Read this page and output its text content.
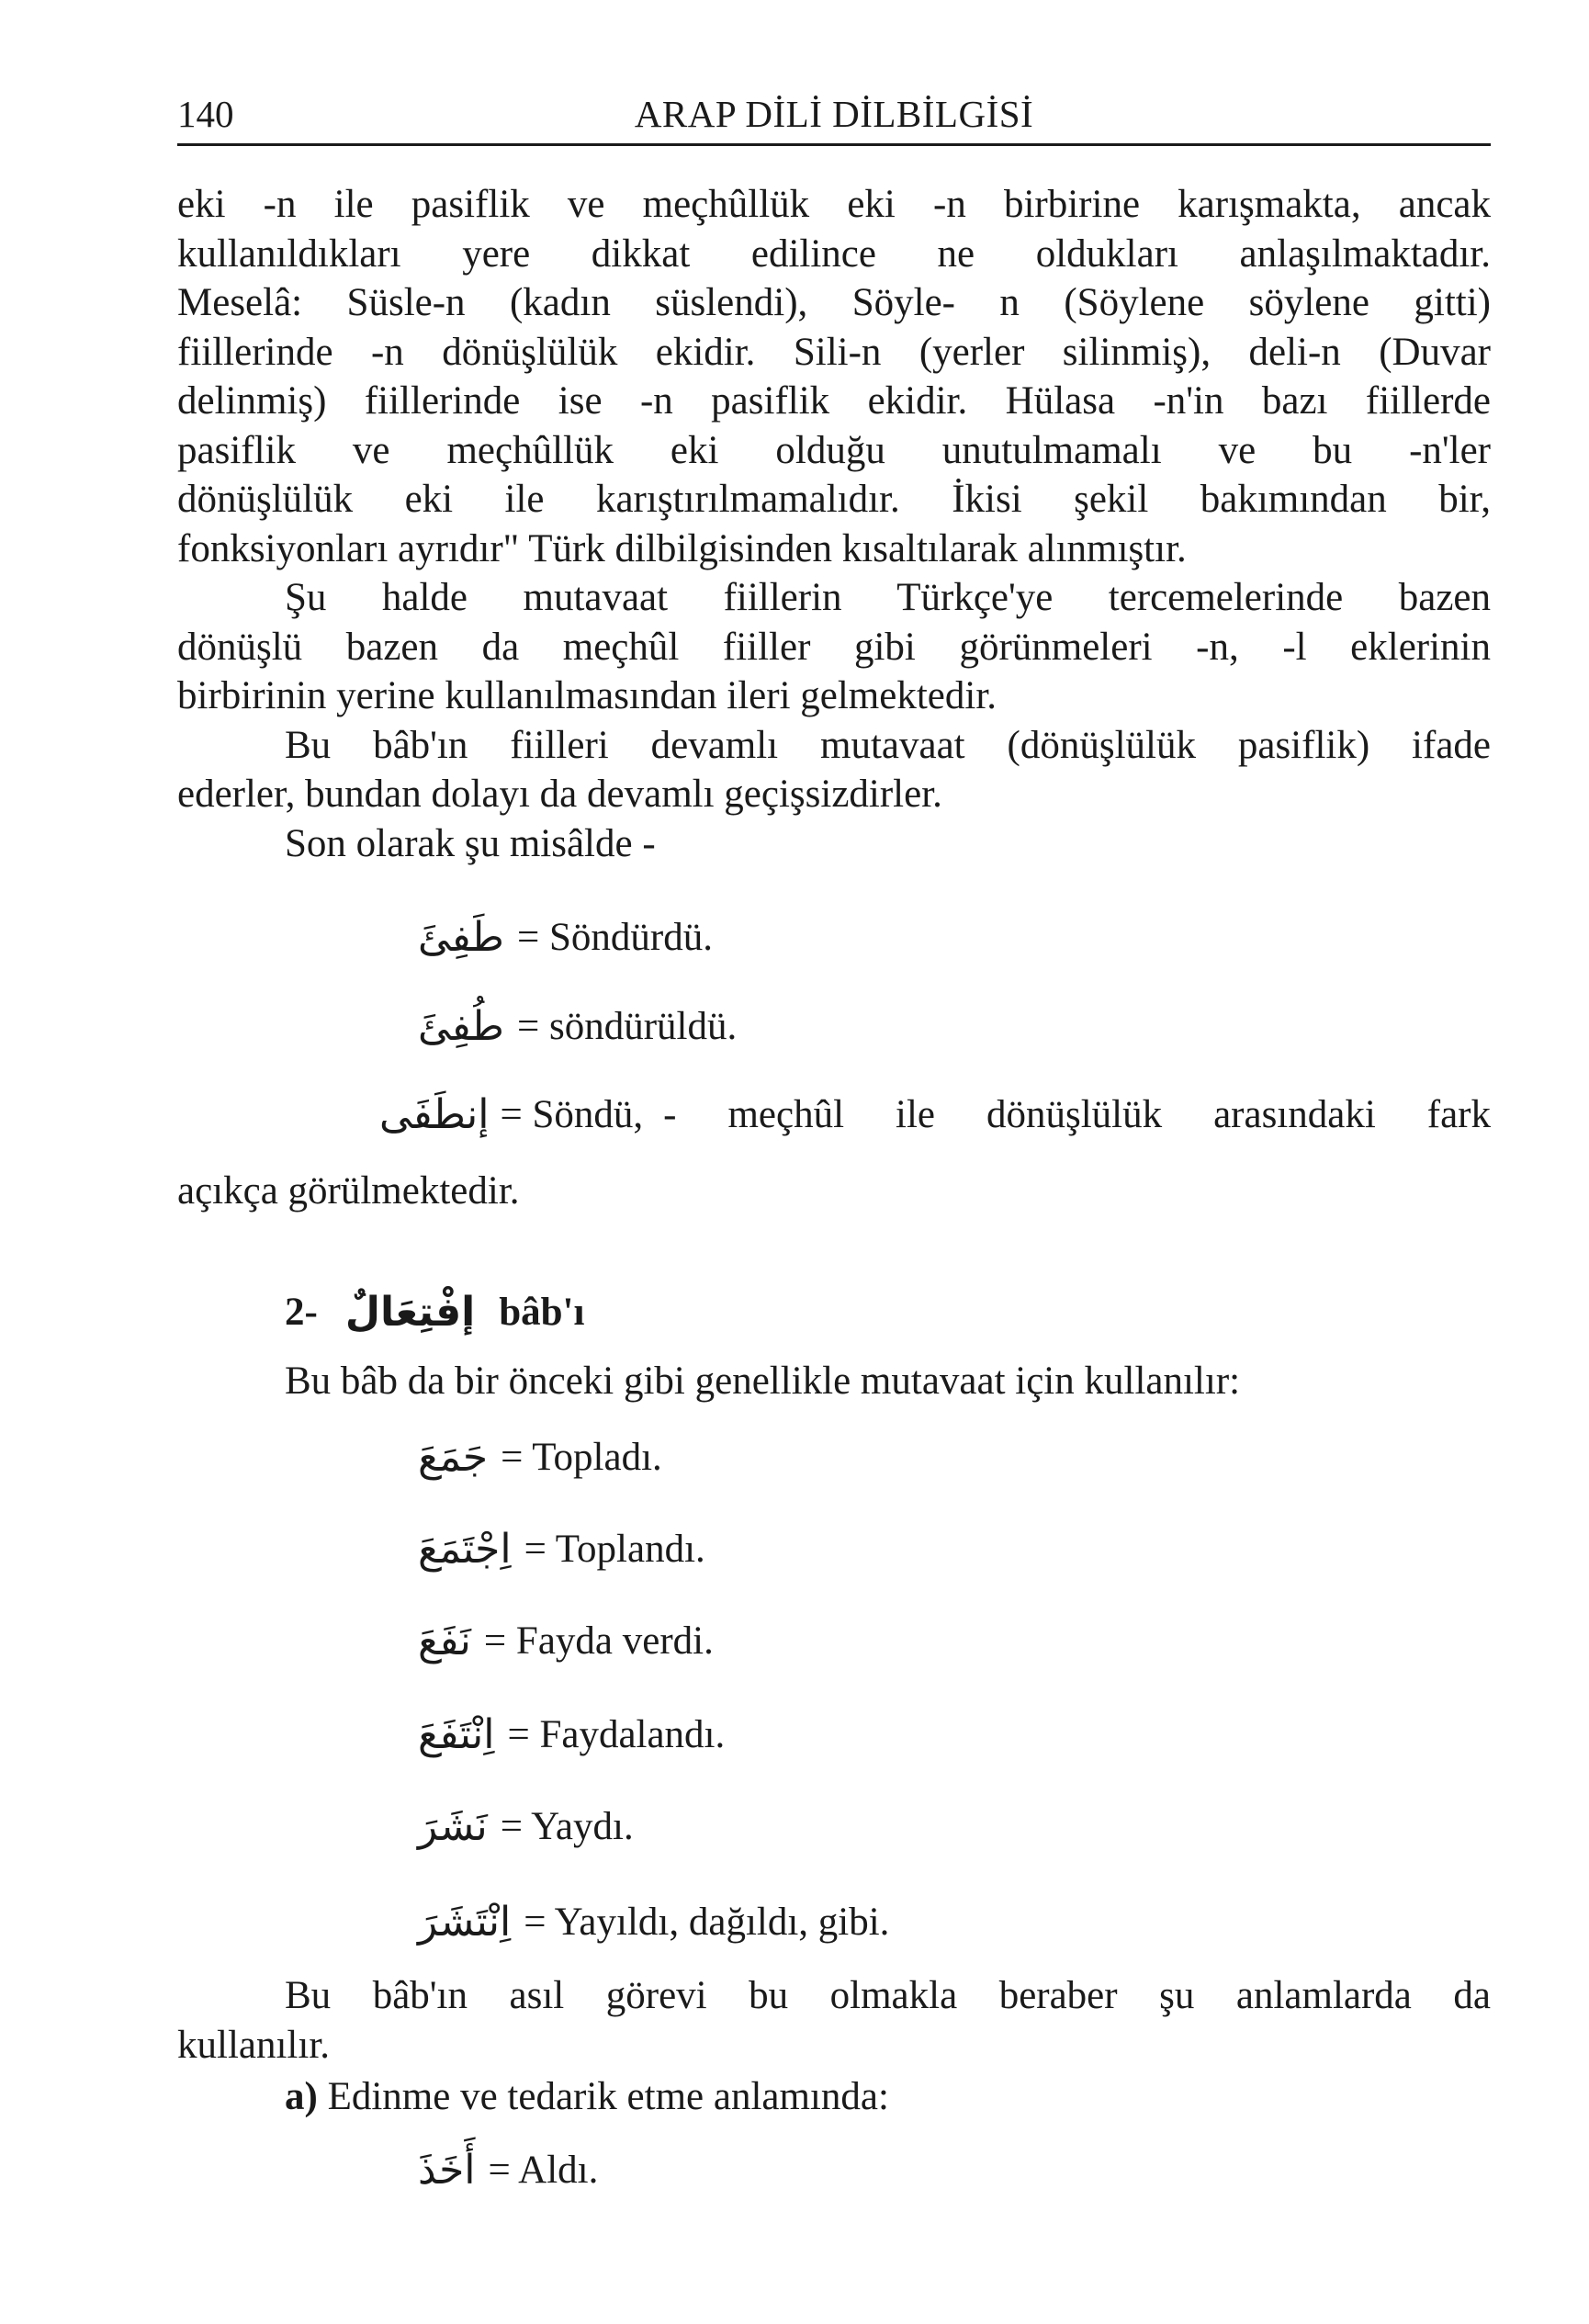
140	ARAP DİLİ DİLBİLGİSİ

eki -n ile pasiflik ve meçhûllük eki -n birbirine karışmakta, ancak

kullanıldıkları yere dikkat edilince ne oldukları anlaşılmaktadır.

Meselâ: Süsle-n (kadın süslendi), Söyle- n (Söylene söylene gitti)

fiillerinde -n dönüşlülük ekidir. Sili-n (yerler silinmiş), deli-n (Duvar

delinmiş) fiillerinde ise -n pasiflik ekidir. Hülasa -n'in bazı fiillerde

pasiflik ve meçhûllük eki olduğu unutulmamalı ve bu -n'ler

dönüşlülük eki ile karıştırılmamalıdır. İkisi şekil bakımından bir,

fonksiyonları ayrıdır" Türk dilbilgisinden kısaltılarak alınmıştır.

Şu halde mutavaat fiillerin Türkçe'ye tercemelerinde bazen

dönüşlü bazen da meçhûl fiiller gibi görünmeleri -n, -l eklerinin

birbirinin yerine kullanılmasından ileri gelmektedir.

Bu bâb'ın fiilleri devamlı mutavaat (dönüşlülük pasiflik) ifade

ederler, bundan dolayı da devamlı geçişsizdirler.

Son olarak şu misâlde -

طَفِئَ = Söndürdü.
طُفِئَ = söndürüldü.
إنطَفَى = Söndü, - meçhûl ile dönüşlülük arasındaki fark
açıkça görülmektedir.
2- إفْتِعَالٌ bâb'ı
Bu bâb da bir önceki gibi genellikle mutavaat için kullanılır:
جَمَعَ = Topladı.
اِجْتَمَعَ = Toplandı.
نَفَعَ = Fayda verdi.
اِنْتَفَعَ = Faydalandı.
نَشَرَ = Yaydı.
اِنْتَشَرَ = Yayıldı, dağıldı, gibi.
Bu bâb'ın asıl görevi bu olmakla beraber şu anlamlarda da
kullanılır.
a) Edinme ve tedarik etme anlamında:
أَخَذَ = Aldı.
